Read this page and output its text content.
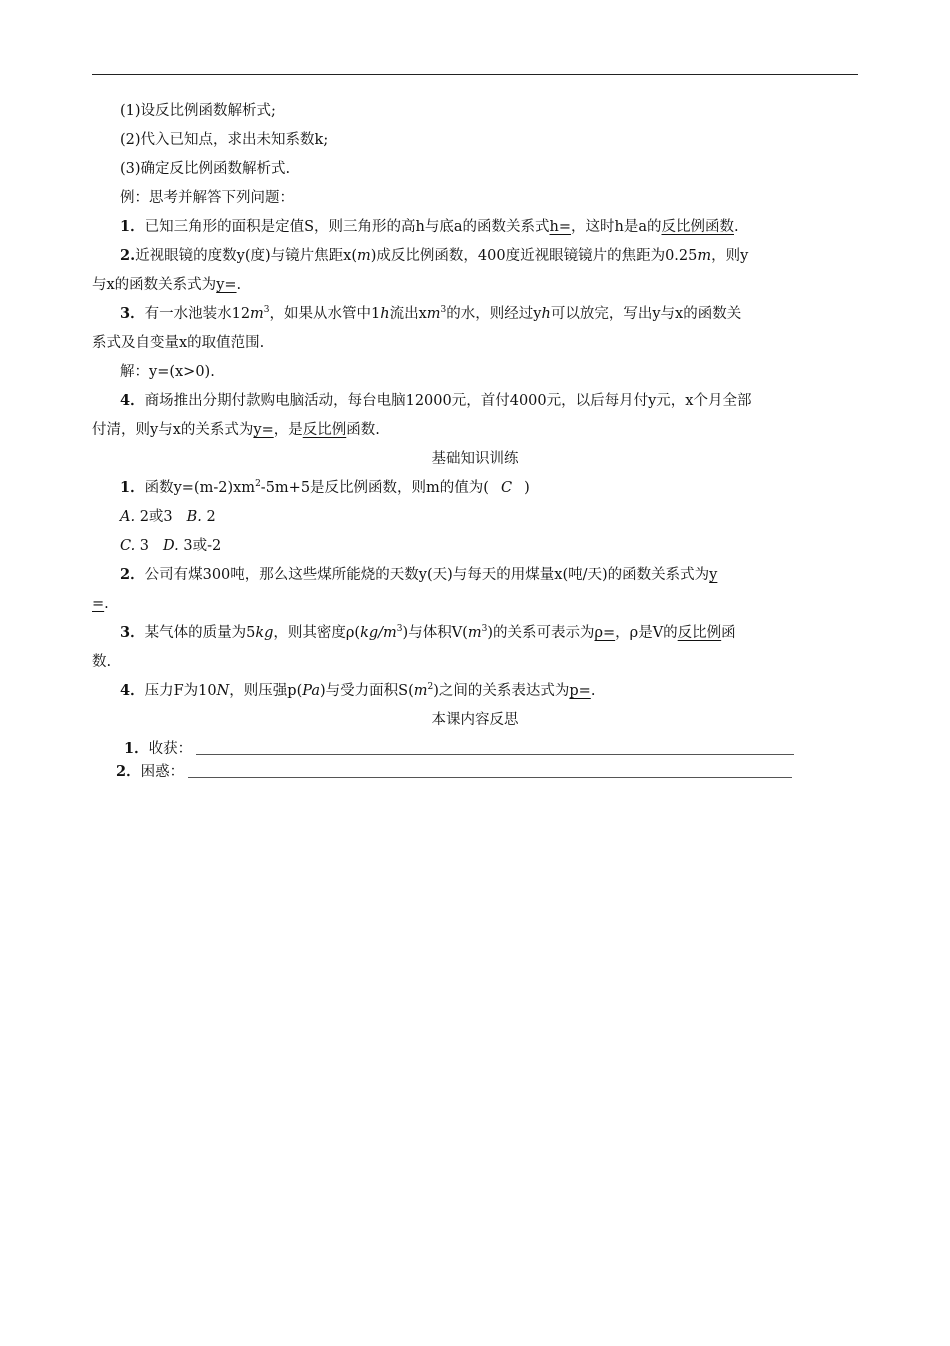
(1)设反比例函数解析式;
(2)代入已知点，求出未知系数k;
(3)确定反比例函数解析式.
例：思考并解答下列问题：
1．已知三角形的面积是定值S，则三角形的高h与底a的函数关系式h=，这时h是a的反比例函数.
2.近视眼镜的度数y(度)与镜片焦距x(m)成反比例函数，400度近视眼镜镜片的焦距为0.25m，则y
与x的函数关系式为y=.
3．有一水池装水$12m^3$，如果从水管中1h流出$xm^3$的水，则经过yh可以放完，写出y与x的函数关
系式及自变量x的取值范围.
解：y=(x>0).
4．商场推出分期付款购电脑活动，每台电脑12000元，首付4000元，以后每月付y元，x个月全部
付清，则y与x的关系式为y=，是反比例函数.
基础知识训练
1．函数$y=(m-2)xm^2-5m+5$是反比例函数，则m的值为( C )
A. 2或3 B. 2
C. 3 D. 3或-2
2．公司有煤300吨，那么这些煤所能烧的天数y(天)与每天的用煤量x(吨/天)的函数关系式为y
=.
3．某气体的质量为5kg，则其密度$\rho(kg/m^3)$与体积$V(m^3)$的关系可表示为ρ=，ρ是V的反比例函
数.
4．压力F为10N，则压强p(Pa)与受力面积$S(m^2)$之间的关系表达式为p=.
本课内容反思
1．收获：
2．困惑：
